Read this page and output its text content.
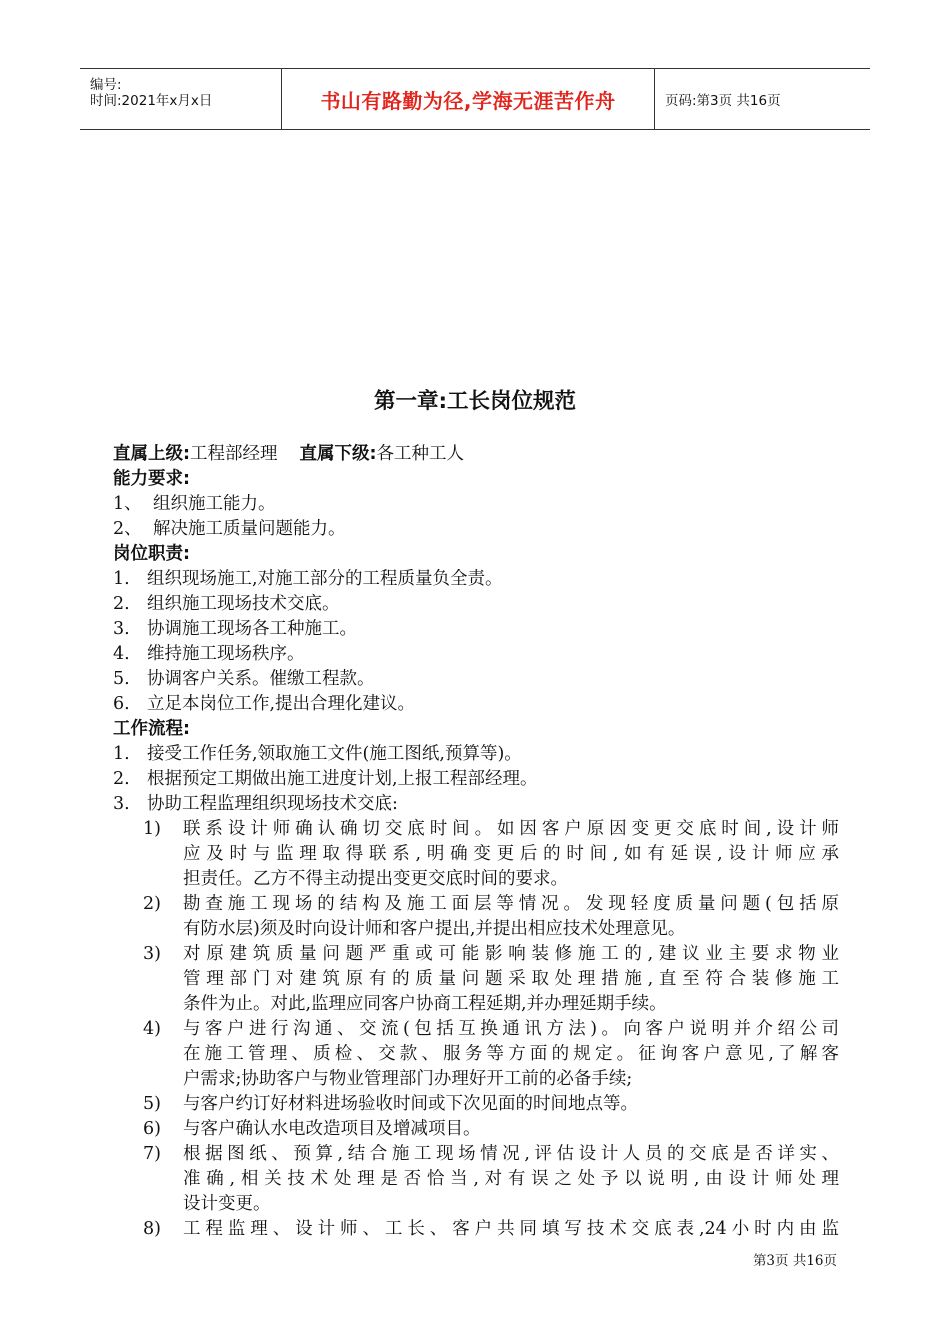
编号:
时间:2021年x月x日	书山有路勤为径,学海无涯苦作舟	页码:第3页 共16页
第一章:工长岗位规范
直属上级:工程部经理 直属下级:各工种工人
能力要求:
1、 组织施工能力。
2、 解决施工质量问题能力。
岗位职责:
1. 组织现场施工,对施工部分的工程质量负全责。
2. 组织施工现场技术交底。
3. 协调施工现场各工种施工。
4. 维持施工现场秩序。
5. 协调客户关系。催缴工程款。
6. 立足本岗位工作,提出合理化建议。
工作流程:
1. 接受工作任务,领取施工文件(施工图纸,预算等)。
2. 根据预定工期做出施工进度计划,上报工程部经理。
3. 协助工程监理组织现场技术交底:
1)	联系设计师确认确切交底时间。如因客户原因变更交底时间,设计师
应及时与监理取得联系,明确变更后的时间,如有延误,设计师应承
担责任。乙方不得主动提出变更交底时间的要求。
2)	勘查施工现场的结构及施工面层等情况。发现轻度质量问题(包括原
有防水层)须及时向设计师和客户提出,并提出相应技术处理意见。
3)	对原建筑质量问题严重或可能影响装修施工的,建议业主要求物业
管理部门对建筑原有的质量问题采取处理措施,直至符合装修施工
条件为止。对此,监理应同客户协商工程延期,并办理延期手续。
4)	与客户进行沟通、交流(包括互换通讯方法)。向客户说明并介绍公司
在施工管理、质检、交款、服务等方面的规定。征询客户意见,了解客
户需求;协助客户与物业管理部门办理好开工前的必备手续;
5)	与客户约订好材料进场验收时间或下次见面的时间地点等。
6)	与客户确认水电改造项目及增减项目。
7)	根据图纸、预算,结合施工现场情况,评估设计人员的交底是否详实、
准确,相关技术处理是否恰当,对有误之处予以说明,由设计师处理
设计变更。
8)	工程监理、设计师、工长、客户共同填写技术交底表,24小时内由监
第3页 共16页
